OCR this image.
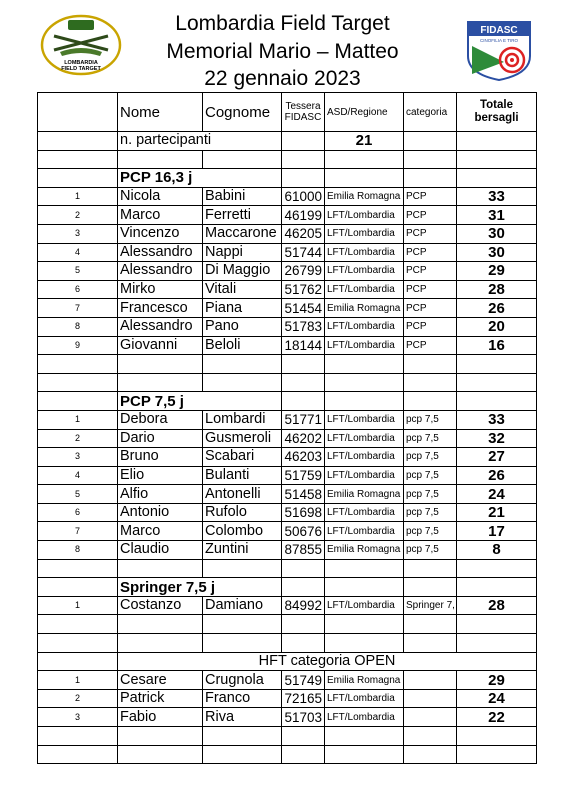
LOMBARDIA
FIELD TARGET
Lombardia Field Target
Memorial Mario – Matteo
22 gennaio 2023
FIDASC
CINOFILIA E TIRO
	Nome	Cognome	Tessera FIDASC	ASD/Regione	categoria	Totale bersagli
	n. partecipanti			21		

	PCP 16,3 j					
1	Nicola	Babini	61000	Emilia Romagna	PCP	33
2	Marco	Ferretti	46199	LFT/Lombardia	PCP	31
3	Vincenzo	Maccarone	46205	LFT/Lombardia	PCP	30
4	Alessandro	Nappi	51744	LFT/Lombardia	PCP	30
5	Alessandro	Di Maggio	26799	LFT/Lombardia	PCP	29
6	Mirko	Vitali	51762	LFT/Lombardia	PCP	28
7	Francesco	Piana	51454	Emilia Romagna	PCP	26
8	Alessandro	Pano	51783	LFT/Lombardia	PCP	20
9	Giovanni	Beloli	18144	LFT/Lombardia	PCP	16

	PCP 7,5 j					
1	Debora	Lombardi	51771	LFT/Lombardia	pcp 7,5	33
2	Dario	Gusmeroli	46202	LFT/Lombardia	pcp 7,5	32
3	Bruno	Scabari	46203	LFT/Lombardia	pcp 7,5	27
4	Elio	Bulanti	51759	LFT/Lombardia	pcp 7,5	26
5	Alfio	Antonelli	51458	Emilia Romagna	pcp 7,5	24
6	Antonio	Rufolo	51698	LFT/Lombardia	pcp 7,5	21
7	Marco	Colombo	50676	LFT/Lombardia	pcp 7,5	17
8	Claudio	Zuntini	87855	Emilia Romagna	pcp 7,5	8

	Springer 7,5 j					
1	Costanzo	Damiano	84992	LFT/Lombardia	Springer 7,	28

	HFT categoria OPEN					
1	Cesare	Crugnola	51749	Emilia Romagna		29
2	Patrick	Franco	72165	LFT/Lombardia		24
3	Fabio	Riva	51703	LFT/Lombardia		22
